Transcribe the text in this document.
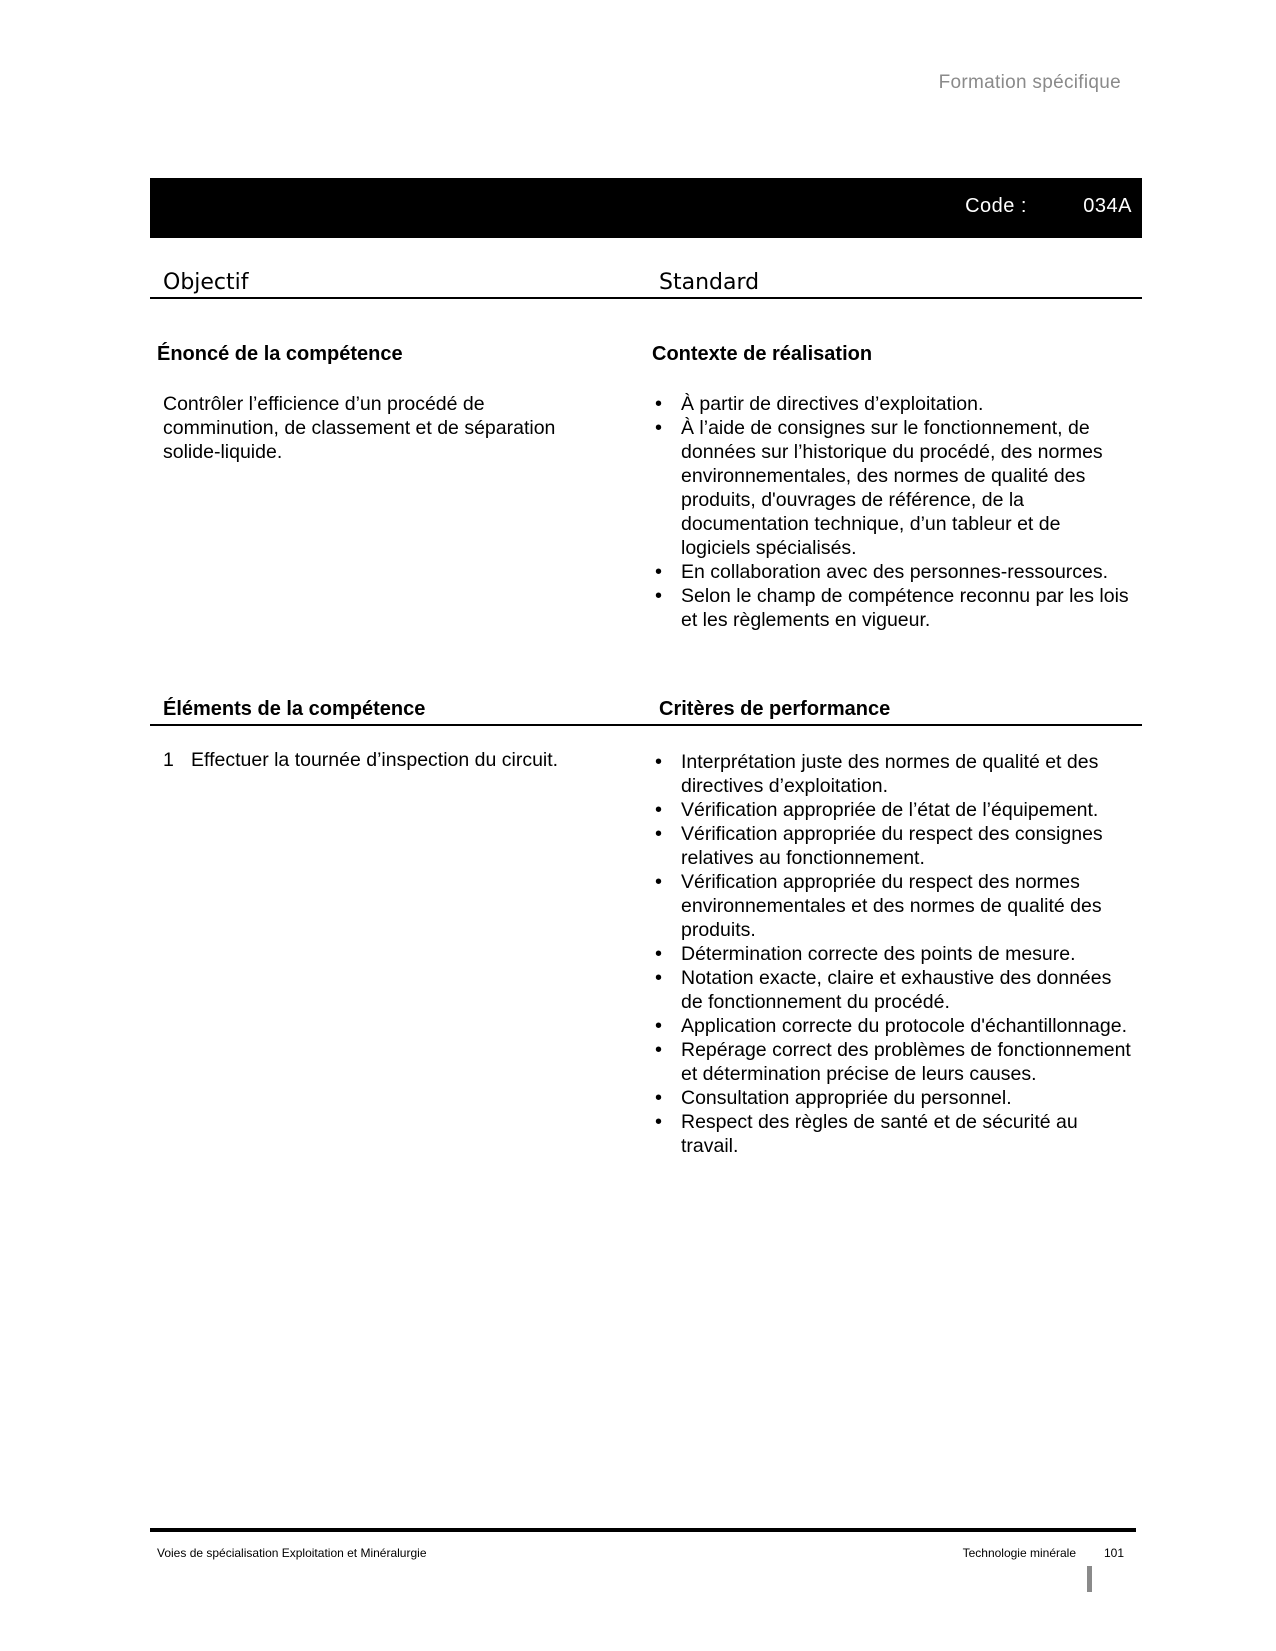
Formation spécifique
Code :	034A
Objectif	Standard
Énoncé de la compétence
Contrôler l’efficience d’un procédé de comminution, de classement et de séparation solide-liquide.
Contexte de réalisation
• À partir de directives d’exploitation.
• À l’aide de consignes sur le fonctionnement, de données sur l’historique du procédé, des normes environnementales, des normes de qualité des produits, d'ouvrages de référence, de la documentation technique, d’un tableur et de logiciels spécialisés.
• En collaboration avec des personnes-ressources.
• Selon le champ de compétence reconnu par les lois et les règlements en vigueur.
Éléments de la compétence	Critères de performance
1 Effectuer la tournée d’inspection du circuit.
•	Interprétation juste des normes de qualité et des directives d’exploitation.
• Vérification appropriée de l’état de l’équipement.
• Vérification appropriée du respect des consignes relatives au fonctionnement.
• Vérification appropriée du respect des normes environnementales et des normes de qualité des produits.
• Détermination correcte des points de mesure.
• Notation exacte, claire et exhaustive des données de fonctionnement du procédé.
• Application correcte du protocole d'échantillonnage.
• Repérage correct des problèmes de fonctionnement et détermination précise de leurs causes.
• Consultation appropriée du personnel.
• Respect des règles de santé et de sécurité au travail.
Voies de spécialisation Exploitation et Minéralurgie	Technologie minérale 101
